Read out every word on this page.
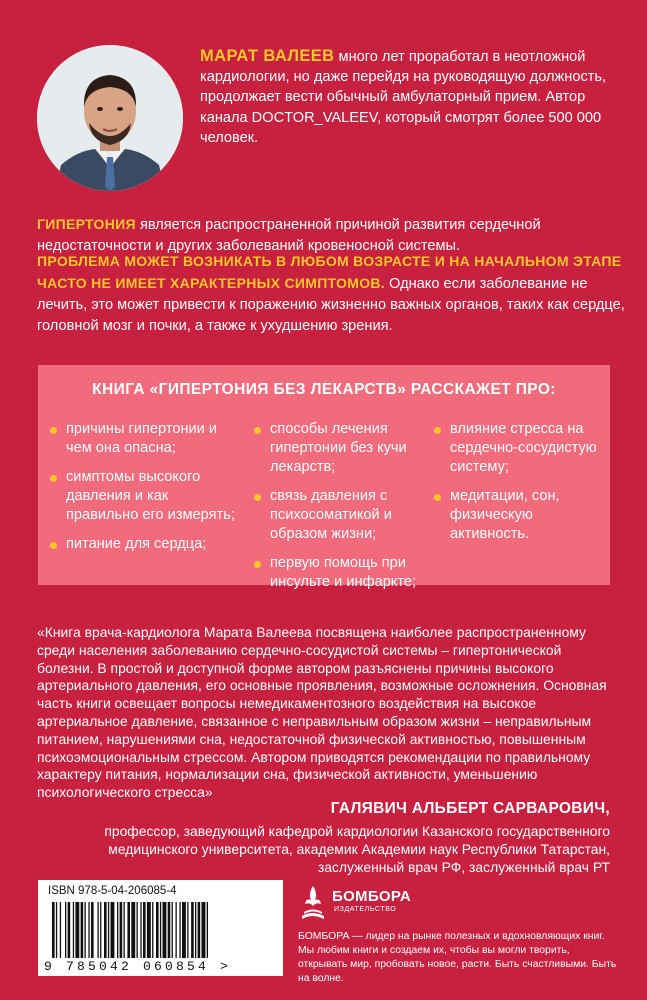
МАРАТ ВАЛЕЕВ много лет проработал в неотложной кардиологии, но даже перейдя на руководящую должность, продолжает вести обычный амбулаторный прием. Автор канала DOCTOR_VALEEV, который смотрят более 500 000 человек.
ГИПЕРТОНИЯ является распространенной причиной развития сердечной недостаточности и других заболеваний кровеносной системы.
ПРОБЛЕМА МОЖЕТ ВОЗНИКАТЬ В ЛЮБОМ ВОЗРАСТЕ И НА НАЧАЛЬНОМ ЭТАПЕ ЧАСТО НЕ ИМЕЕТ ХАРАКТЕРНЫХ СИМПТОМОВ. Однако если заболевание не лечить, это может привести к поражению жизненно важных органов, таких как сердце, головной мозг и почки, а также к ухудшению зрения.
КНИГА «ГИПЕРТОНИЯ БЕЗ ЛЕКАРСТВ» РАССКАЖЕТ ПРО:
причины гипертонии и чем она опасна;
симптомы высокого давления и как правильно его измерять;
питание для сердца;
способы лечения гипертонии без кучи лекарств;
связь давления с психосоматикой и образом жизни;
первую помощь при инсульте и инфаркте;
влияние стресса на сердечно-сосудистую систему;
медитации, сон, физическую активность.
«Книга врача-кардиолога Марата Валеева посвящена наиболее распространенному среди населения заболеванию сердечно-сосудистой системы – гипертонической болезни. В простой и доступной форме автором разъяснены причины высокого артериального давления, его основные проявления, возможные осложнения. Основная часть книги освещает вопросы немедикаментозного воздействия на высокое артериальное давление, связанное с неправильным образом жизни – неправильным питанием, нарушениями сна, недостаточной физической активностью, повышенным психоэмоциональным стрессом. Автором приводятся рекомендации по правильному характеру питания, нормализации сна, физической активности, уменьшению психологического стресса»
ГАЛЯВИЧ АЛЬБЕРТ САРВАРОВИЧ,
профессор, заведующий кафедрой кардиологии Казанского государственного медицинского университета, академик Академии наук Республики Татарстан, заслуженный врач РФ, заслуженный врач РТ
ISBN 978-5-04-206085-4
9 785042 060854 >
БОМБОРА
ИЗДАТЕЛЬСТВО
БОМБОРА — лидер на рынке полезных и вдохновляющих книг. Мы любим книги и создаем их, чтобы вы могли творить, открывать мир, пробовать новое, расти. Быть счастливыми. Быть на волне.
